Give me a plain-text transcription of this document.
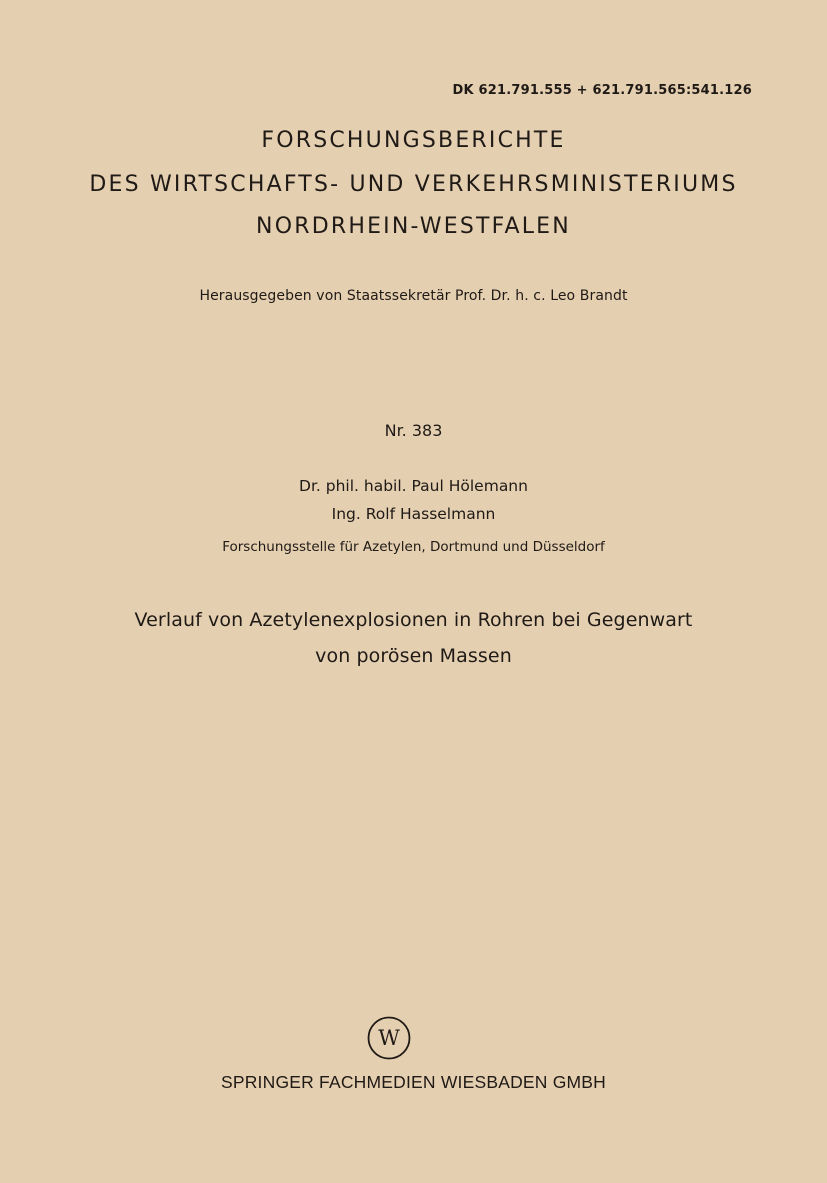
DK 621.791.555 + 621.791.565:541.126
FORSCHUNGSBERICHTE
DES WIRTSCHAFTS- UND VERKEHRSMINISTERIUMS
NORDRHEIN-WESTFALEN
Herausgegeben von Staatssekretär Prof. Dr. h. c. Leo Brandt
Nr. 383
Dr. phil. habil. Paul Hölemann
Ing. Rolf Hasselmann
Forschungsstelle für Azetylen, Dortmund und Düsseldorf
Verlauf von Azetylenexplosionen in Rohren bei Gegenwart
von porösen Massen
W
SPRINGER FACHMEDIEN WIESBADEN GMBH
